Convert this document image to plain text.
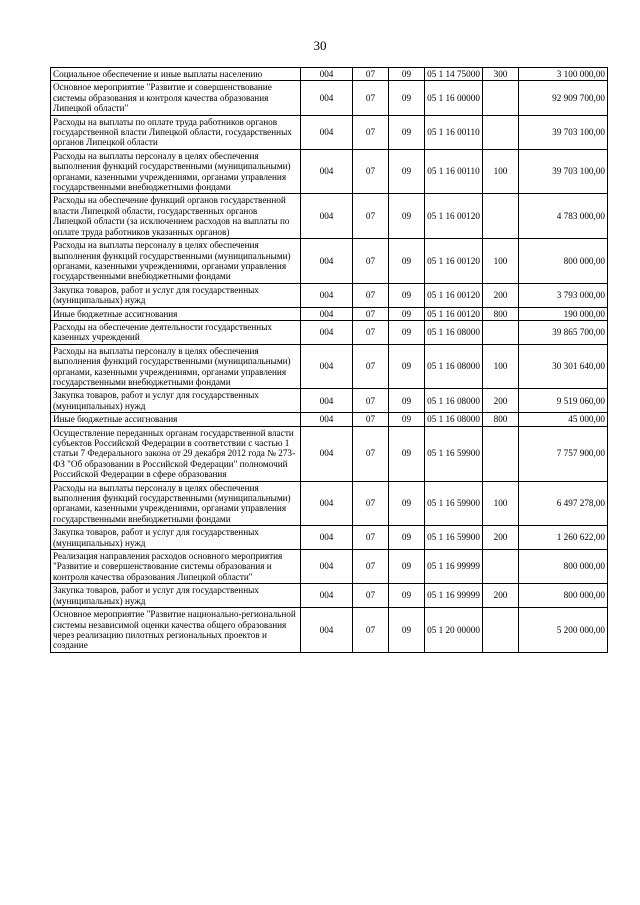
30
Социальное обеспечение и иные выплаты населению	004	07	09	05 1 14 75000	300	3 100 000,00
Основное мероприятие "Развитие и совершенствование системы образования и контроля качества образования Липецкой области"	004	07	09	05 1 16 00000		92 909 700,00
Расходы на выплаты по оплате труда работников органов государственной власти Липецкой области, государственных органов Липецкой области	004	07	09	05 1 16 00110		39 703 100,00
Расходы на выплаты персоналу в целях обеспечения выполнения функций государственными (муниципальными) органами, казенными учреждениями, органами управления государственными внебюджетными фондами	004	07	09	05 1 16 00110	100	39 703 100,00
Расходы на обеспечение функций органов государственной власти Липецкой области, государственных органов Липецкой области (за исключением расходов на выплаты по оплате труда работников указанных органов)	004	07	09	05 1 16 00120		4 783 000,00
Расходы на выплаты персоналу в целях обеспечения выполнения функций государственными (муниципальными) органами, казенными учреждениями, органами управления государственными внебюджетными фондами	004	07	09	05 1 16 00120	100	800 000,00
Закупка товаров, работ и услуг для государственных (муниципальных) нужд	004	07	09	05 1 16 00120	200	3 793 000,00
Иные бюджетные ассигнования	004	07	09	05 1 16 00120	800	190 000,00
Расходы на обеспечение деятельности государственных казенных учреждений	004	07	09	05 1 16 08000		39 865 700,00
Расходы на выплаты персоналу в целях обеспечения выполнения функций государственными (муниципальными) органами, казенными учреждениями, органами управления государственными внебюджетными фондами	004	07	09	05 1 16 08000	100	30 301 640,00
Закупка товаров, работ и услуг для государственных (муниципальных) нужд	004	07	09	05 1 16 08000	200	9 519 060,00
Иные бюджетные ассигнования	004	07	09	05 1 16 08000	800	45 000,00
Осуществление переданных органам государственной власти субъектов Российской Федерации в соответствии с частью 1 статьи 7 Федерального закона от 29 декабря 2012 года № 273-ФЗ "Об образовании в Российской Федерации" полномочий Российской Федерации в сфере образования	004	07	09	05 1 16 59900		7 757 900,00
Расходы на выплаты персоналу в целях обеспечения выполнения функций государственными (муниципальными) органами, казенными учреждениями, органами управления государственными внебюджетными фондами	004	07	09	05 1 16 59900	100	6 497 278,00
Закупка товаров, работ и услуг для государственных (муниципальных) нужд	004	07	09	05 1 16 59900	200	1 260 622,00
Реализация направления расходов основного мероприятия "Развитие и совершенствование системы образования и контроля качества образования Липецкой области"	004	07	09	05 1 16 99999		800 000,00
Закупка товаров, работ и услуг для государственных (муниципальных) нужд	004	07	09	05 1 16 99999	200	800 000,00
Основное мероприятие "Развитие национально-региональной системы независимой оценки качества общего образования через реализацию пилотных региональных проектов и создание	004	07	09	05 1 20 00000		5 200 000,00
